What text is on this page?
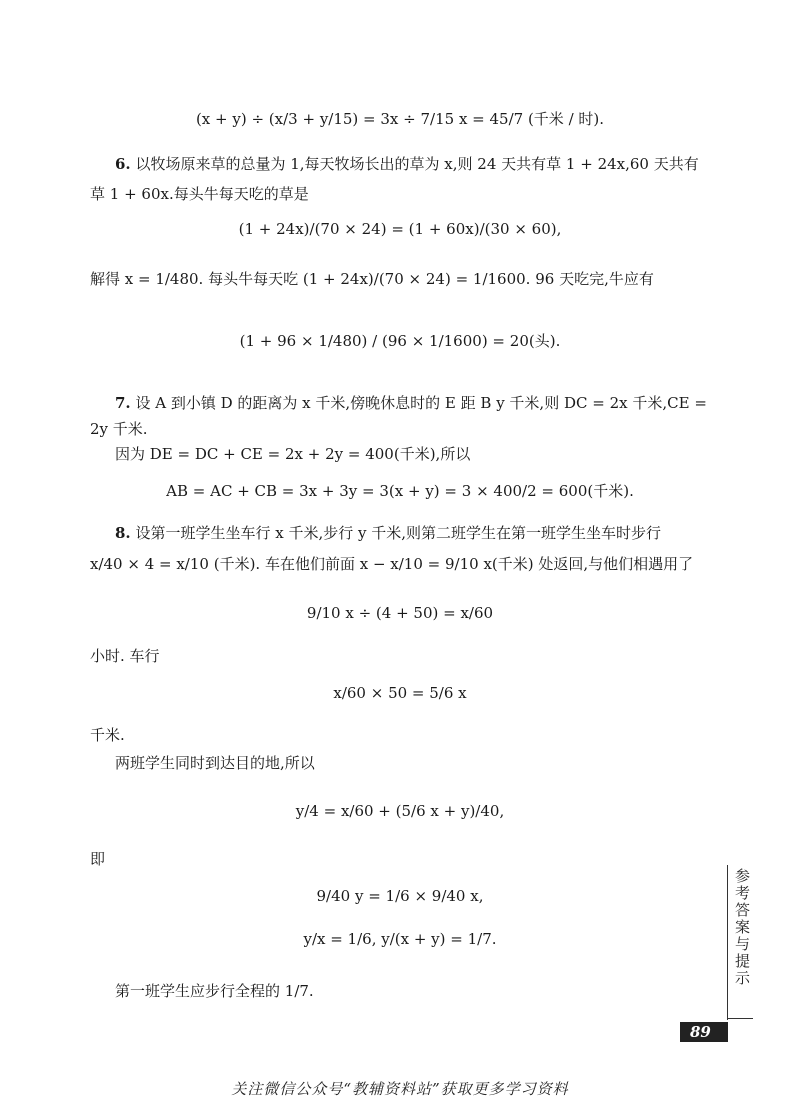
(x + y) ÷ (x/3 + y/15) = 3x ÷ 7/15 x = 45/7 (千米 / 时).
6. 以牧场原来草的总量为 1,每天牧场长出的草为 x,则 24 天共有草 1 + 24x,60 天共有
草 1 + 60x.每头牛每天吃的草是
(1 + 24x)/(70 × 24) = (1 + 60x)/(30 × 60),
解得 x = 1/480. 每头牛每天吃 (1 + 24x)/(70 × 24) = 1/1600. 96 天吃完,牛应有
(1 + 96 × 1/480) / (96 × 1/1600) = 20(头).
7. 设 A 到小镇 D 的距离为 x 千米,傍晚休息时的 E 距 B y 千米,则 DC = 2x 千米,CE =
2y 千米.
因为 DE = DC + CE = 2x + 2y = 400(千米),所以
AB = AC + CB = 3x + 3y = 3(x + y) = 3 × 400/2 = 600(千米).
8. 设第一班学生坐车行 x 千米,步行 y 千米,则第二班学生在第一班学生坐车时步行
x/40 × 4 = x/10 (千米). 车在他们前面 x − x/10 = 9/10 x(千米) 处返回,与他们相遇用了
9/10 x ÷ (4 + 50) = x/60
小时. 车行
x/60 × 50 = 5/6 x
千米.
两班学生同时到达目的地,所以
y/4 = x/60 + (5/6 x + y)/40,
即
9/40 y = 1/6 × 9/40 x,
y/x = 1/6, y/(x + y) = 1/7.
第一班学生应步行全程的 1/7.
参考答案与提示
89
关注微信公众号“教辅资料站”获取更多学习资料
